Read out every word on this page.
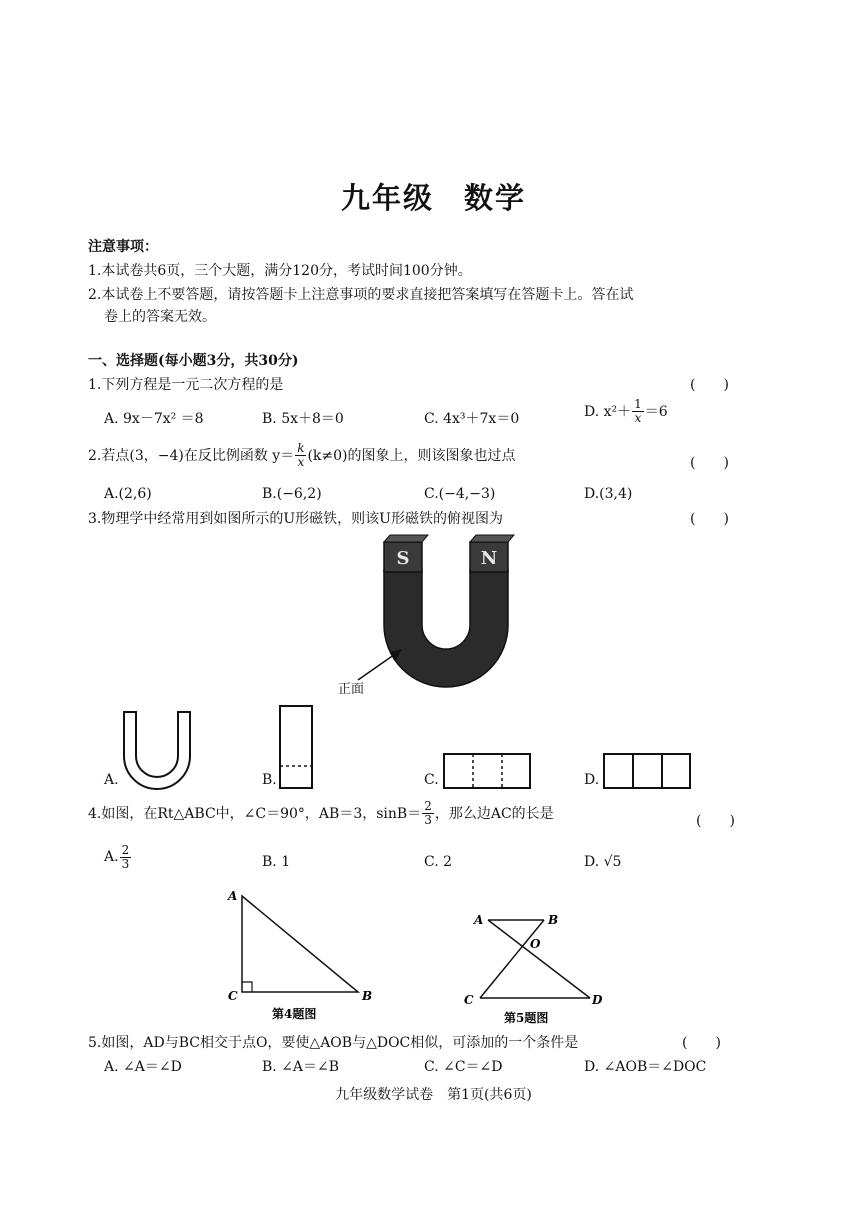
九年级 数学
注意事项：
1.本试卷共6页，三个大题，满分120分，考试时间100分钟。
2.本试卷上不要答题，请按答题卡上注意事项的要求直接把答案填写在答题卡上。答在试
卷上的答案无效。
一、选择题(每小题3分，共30分)
1.下列方程是一元二次方程的是	(　　)
A. 9x－7x² ＝8	B. 5x＋8＝0	C. 4x³＋7x＝0	D. $x^2+ \frac{1}{x} =6$
2.若点(3，−4)在反比例函数 $y= \frac{k}{x} (k\ne 0)$的图象上，则该图象也过点	(　　)
A.(2,6)	B.(−6,2)	C.(−4,−3)	D.(3,4)
3.物理学中经常用到如图所示的U形磁铁，则该U形磁铁的俯视图为	(　　)
S	N
正面
A.	B.	C.	D.
4.如图，在Rt△ABC中，∠C＝90°，AB＝3，$\sin B= \frac{2}{3}$ ，那么边AC的长是	(　　)
A. $\frac{2}{3}$	B. 1	C. 2	D. √5
A
C	B
第4题图
A	B
O
C	D
第5题图
5.如图，AD与BC相交于点O，要使△AOB与△DOC相似，可添加的一个条件是	(　　)
A. ∠A＝∠D	B. ∠A＝∠B	C. ∠C＝∠D	D. ∠AOB＝∠DOC
九年级数学试卷　第1页(共6页)
